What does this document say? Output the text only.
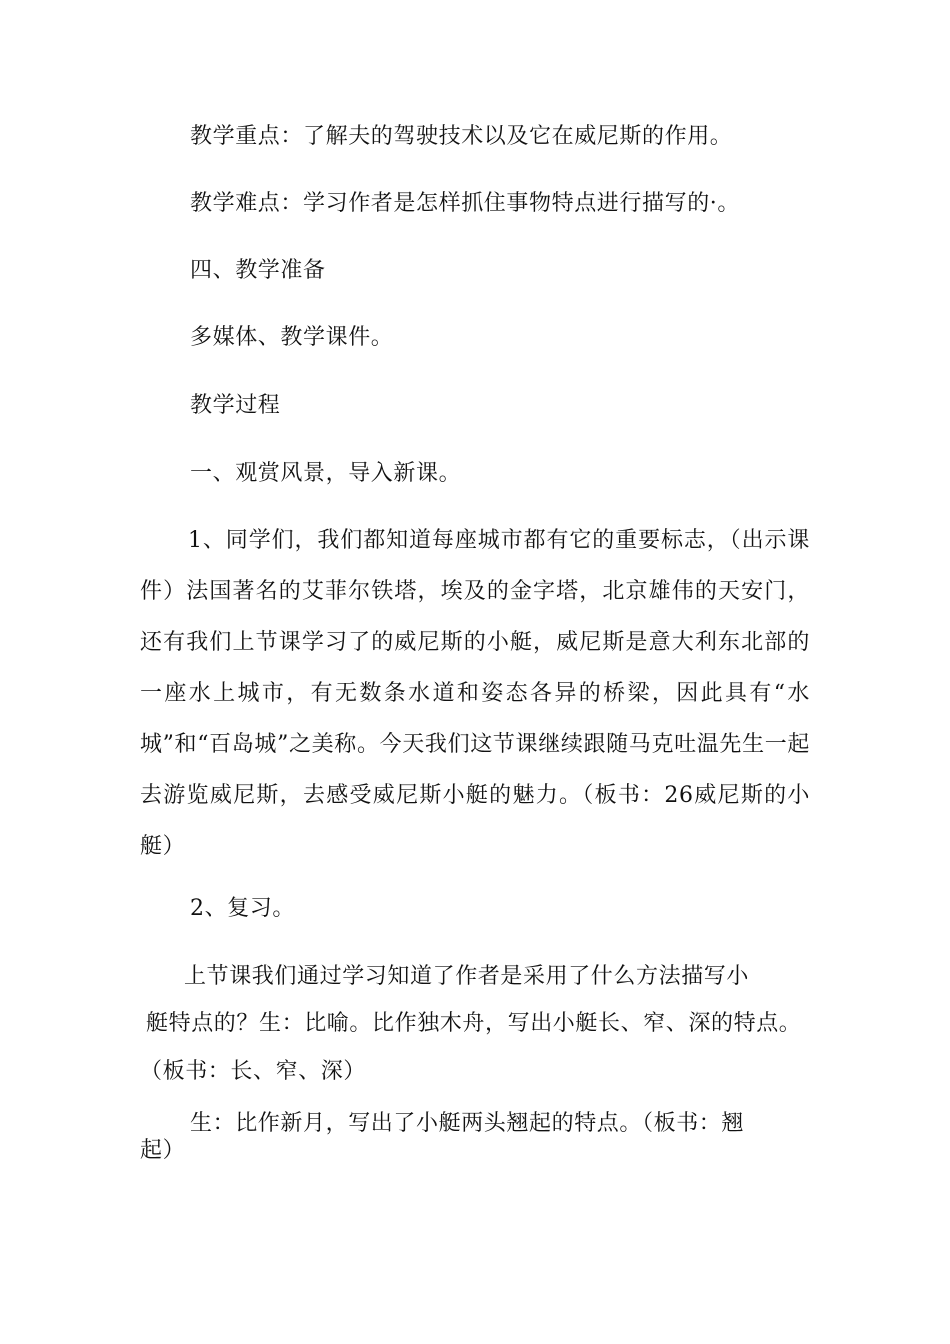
教学重点：了解夫的驾驶技术以及它在威尼斯的作用。
教学难点：学习作者是怎样抓住事物特点进行描写的·。
四、教学准备
多媒体、教学课件。
教学过程
一、观赏风景，导入新课。
1、同学们，我们都知道每座城市都有它的重要标志，（出示课件）法国著名的艾菲尔铁塔，埃及的金字塔，北京雄伟的天安门，还有我们上节课学习了的威尼斯的小艇，威尼斯是意大利东北部的一座水上城市，有无数条水道和姿态各异的桥梁，因此具有“水城”和“百岛城”之美称。今天我们这节课继续跟随马克吐温先生一起去游览威尼斯，去感受威尼斯小艇的魅力。（板书：26威尼斯的小艇）
2、复习。
上节课我们通过学习知道了作者是采用了什么方法描写小
艇特点的？生：比喻。比作独木舟，写出小艇长、窄、深的特点。
（板书：长、窄、深）
生：比作新月，写出了小艇两头翘起的特点。（板书：翘
起）
